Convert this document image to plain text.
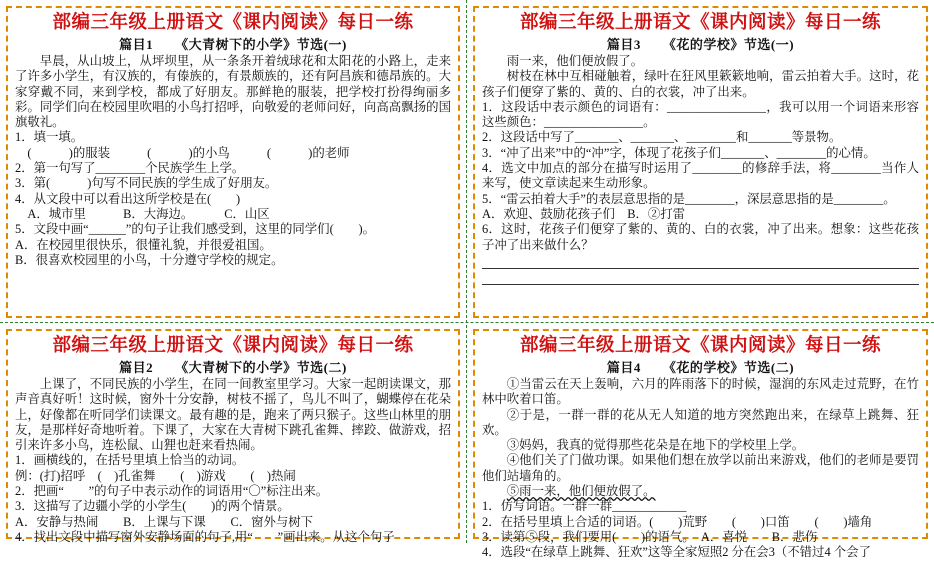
部编三年级上册语文《课内阅读》每日一练
篇目1 《大青树下的小学》节选(一)

早晨，从山坡上，从坪坝里，从一条条开着绒球花和太阳花的小路上，走来了许多小学生，有汉族的，有傣族的，有景颇族的，还有阿昌族和德昂族的。大家穿戴不同，来到学校，都成了好朋友。那鲜艳的服装，把学校打扮得绚丽多彩。同学们向在校园里吹唱的小鸟打招呼，向敬爱的老师问好，向高高飘扬的国旗敬礼。

1．填一填。

(　　　)的服装　　　(　　　)的小鸟　　　(　　　)的老师

2．第一句写了________个民族学生上学。

3．第(　　　)句写不同民族的学生成了好朋友。

4．从文段中可以看出这所学校是在(　　)

A．城市里　　　B．大海边。　　　C．山区

5．文段中画“______”的句子让我们感受到，这里的同学们(　　)。

A．在校园里很快乐，很懂礼貌，并很爱祖国。

B．很喜欢校园里的小鸟，十分遵守学校的规定。

部编三年级上册语文《课内阅读》每日一练
篇目3 《花的学校》节选(一)

雨一来，他们便放假了。

树枝在林中互相碰触着，绿叶在狂风里簌簌地响，雷云拍着大手。这时，花孩子们便穿了紫的、黄的、白的衣裳，冲了出来。

1．这段话中表示颜色的词语有：________________，我可以用一个词语来形容这些颜色：________________。

2．这段话中写了_______、_______、________和_______等景物。

3．“冲了出来”中的“冲”字，体现了花孩子们_______、________的心情。

4．选文中加点的部分在描写时运用了________的修辞手法，将________当作人来写，使文章读起来生动形象。

5．“雷云拍着大手”的表层意思指的是________，深层意思指的是________。

A．欢迎、鼓励花孩子们　B．②打雷

6．这时，花孩子们便穿了紫的、黄的、白的衣裳，冲了出来。想象：这些花孩子冲了出来做什么？

部编三年级上册语文《课内阅读》每日一练
篇目2 《大青树下的小学》节选(二)

上课了，不同民族的小学生，在同一间教室里学习。大家一起朗读课文，那声音真好听！这时候，窗外十分安静，树枝不摇了，鸟儿不叫了，蝴蝶停在花朵上，好像都在听同学们读课文。最有趣的是，跑来了两只猴子。这些山林里的朋友，是那样好奇地听着。下课了，大家在大青树下跳孔雀舞、摔跤、做游戏，招引来许多小鸟，连松鼠、山狸也赶来看热闹。

1．画横线的，在括号里填上恰当的动词。

例：(打)招呼　(　)孔雀舞　　(　)游戏　　(　)热闹

2．把画“　　”的句子中表示动作的词语用“〇”标注出来。

3．这描写了边疆小学的小学生(　　)的两个情景。

A．安静与热闹　　B．上课与下课　　C．窗外与树下

4．找出文段中描写窗外安静场面的句子,用“　　”画出来。从这个句子

部编三年级上册语文《课内阅读》每日一练
篇目4 《花的学校》节选(二)

①当雷云在天上轰响，六月的阵雨落下的时候，湿润的东风走过荒野，在竹林中吹着口笛。

②于是，一群一群的花从无人知道的地方突然跑出来，在绿草上跳舞、狂欢。

③妈妈，我真的觉得那些花朵是在地下的学校里上学。

④他们关了门做功课。如果他们想在放学以前出来游戏，他们的老师是要罚他们站墙角的。

⑤雨一来，他们便放假了。

1．仿写词语。一群一群____________

2．在括号里填上合适的词语。(　　)荒野　　(　　)口笛　　(　　)墙角

3．读第⑤段，我们要用(　　)的语气。　A．喜悦　　B．悲伤

4．选段“在绿草上跳舞、狂欢”这等全家短照2 分在会3（不错过4 个会了
